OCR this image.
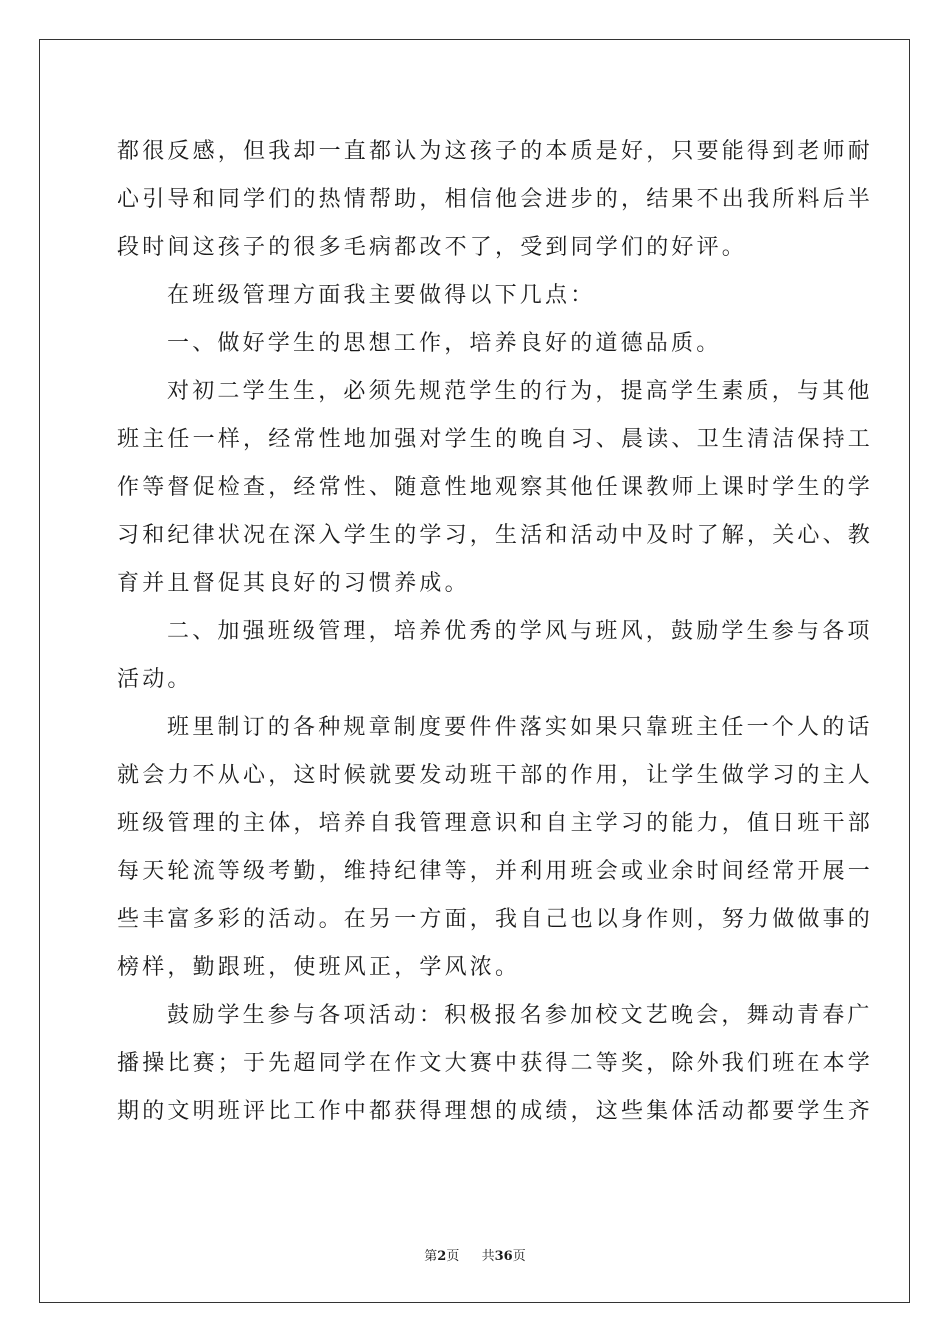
都很反感，但我却一直都认为这孩子的本质是好，只要能得到老师耐
心引导和同学们的热情帮助，相信他会进步的，结果不出我所料后半
段时间这孩子的很多毛病都改不了，受到同学们的好评。
在班级管理方面我主要做得以下几点：
一、做好学生的思想工作，培养良好的道德品质。
对初二学生生，必须先规范学生的行为，提高学生素质，与其他
班主任一样，经常性地加强对学生的晚自习、晨读、卫生清洁保持工
作等督促检查，经常性、随意性地观察其他任课教师上课时学生的学
习和纪律状况在深入学生的学习，生活和活动中及时了解，关心、教
育并且督促其良好的习惯养成。
二、加强班级管理，培养优秀的学风与班风，鼓励学生参与各项
活动。
班里制订的各种规章制度要件件落实如果只靠班主任一个人的话
就会力不从心，这时候就要发动班干部的作用，让学生做学习的主人
班级管理的主体，培养自我管理意识和自主学习的能力，值日班干部
每天轮流等级考勤，维持纪律等，并利用班会或业余时间经常开展一
些丰富多彩的活动。在另一方面，我自己也以身作则，努力做做事的
榜样，勤跟班，使班风正，学风浓。
鼓励学生参与各项活动：积极报名参加校文艺晚会，舞动青春广
播操比赛；于先超同学在作文大赛中获得二等奖，除外我们班在本学
期的文明班评比工作中都获得理想的成绩，这些集体活动都要学生齐
第2页 共36页
